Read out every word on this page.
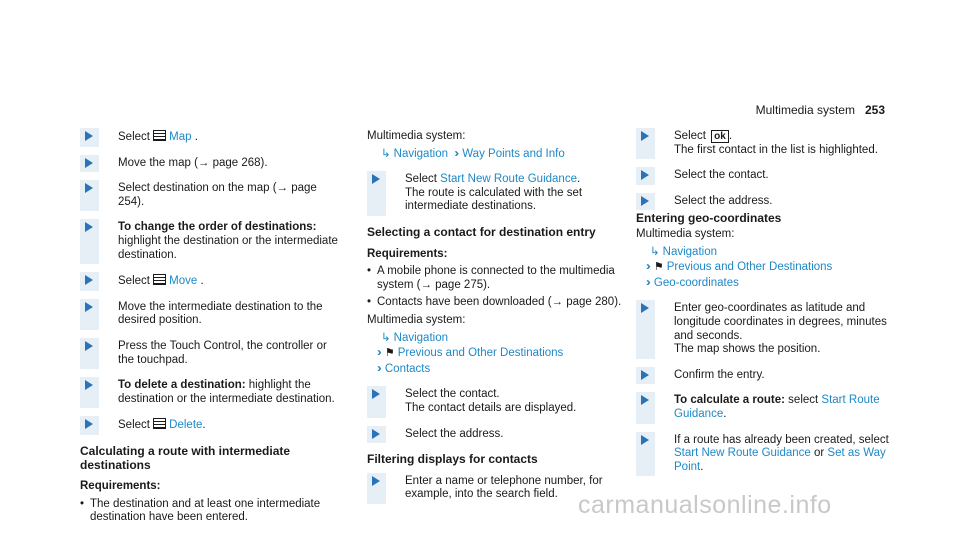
Multimedia system 253
Select Map .
Move the map (→ page 268).
Select destination on the map (→ page 254).
To change the order of destinations: highlight the destination or the intermediate destination.
Select Move .
Move the intermediate destination to the desired position.
Press the Touch Control, the controller or the touchpad.
To delete a destination: highlight the destination or the intermediate destination.
Select Delete.
Calculating a route with intermediate destinations
Requirements:
• The destination and at least one intermediate destination have been entered.
Multimedia system:
↳ Navigation ›› Way Points and Info
Select Start New Route Guidance.
The route is calculated with the set intermediate destinations.
Selecting a contact for destination entry
Requirements:
• A mobile phone is connected to the multimedia system (→ page 275).
• Contacts have been downloaded (→ page 280).
Multimedia system:
↳ Navigation
›› ⚑ Previous and Other Destinations
›› Contacts
Select the contact.
The contact details are displayed.
Select the address.
Filtering displays for contacts
Enter a name or telephone number, for example, into the search field.
Select ok .
The first contact in the list is highlighted.
Select the contact.
Select the address.
Entering geo-coordinates
Multimedia system:
↳ Navigation
›› ⚑ Previous and Other Destinations
›› Geo-coordinates
Enter geo-coordinates as latitude and longitude coordinates in degrees, minutes and seconds.
The map shows the position.
Confirm the entry.
To calculate a route: select Start Route Guidance.
If a route has already been created, select Start New Route Guidance or Set as Way Point.
carmanualsonline.info
